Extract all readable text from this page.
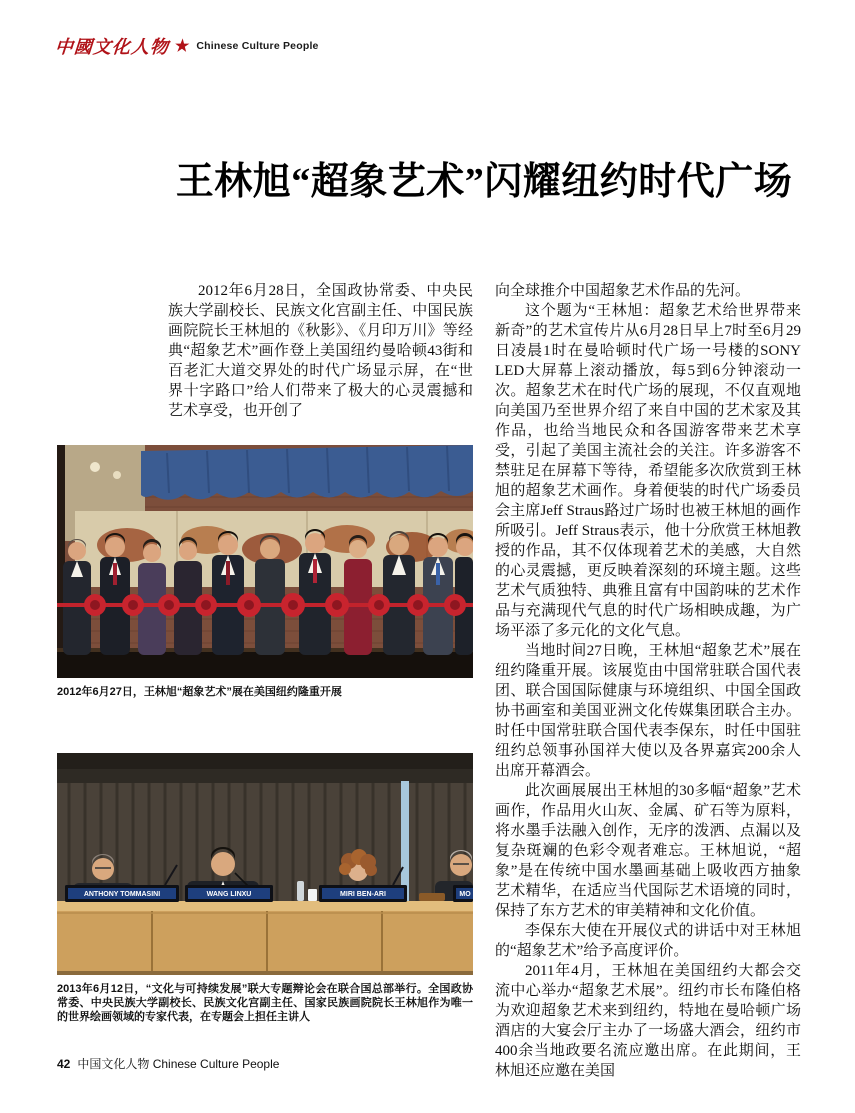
中國文化人物 ★ Chinese Culture People
王林旭“超象艺术”闪耀纽约时代广场

2012年6月28日，全国政协常委、中央民族大学副校长、民族文化宫副主任、中国民族画院院长王林旭的《秋影》、《月印万川》等经典“超象艺术”画作登上美国纽约曼哈顿43街和百老汇大道交界处的时代广场显示屏，在“世界十字路口”给人们带来了极大的心灵震撼和艺术享受，也开创了

2012年6月27日，王林旭“超象艺术”展在美国纽约隆重开展
ANTHONY TOMMASINI	WANG LINXU	MIRI BEN-ARI	MO
2013年6月12日，“文化与可持续发展”联大专题辩论会在联合国总部举行。全国政协常委、中央民族大学副校长、民族文化宫副主任、国家民族画院院长王林旭作为唯一的世界绘画领域的专家代表，在专题会上担任主讲人

向全球推介中国超象艺术作品的先河。

这个题为“王林旭：超象艺术给世界带来新奇”的艺术宣传片从6月28日早上7时至6月29日凌晨1时在曼哈顿时代广场一号楼的SONY LED大屏幕上滚动播放，每5到6分钟滚动一次。超象艺术在时代广场的展现，不仅直观地向美国乃至世界介绍了来自中国的艺术家及其作品，也给当地民众和各国游客带来艺术享受，引起了美国主流社会的关注。许多游客不禁驻足在屏幕下等待，希望能多次欣赏到王林旭的超象艺术画作。身着便装的时代广场委员会主席Jeff Straus路过广场时也被王林旭的画作所吸引。Jeff Straus表示，他十分欣赏王林旭教授的作品，其不仅体现着艺术的美感，大自然的心灵震撼，更反映着深刻的环境主题。这些艺术气质独特、典雅且富有中国韵味的艺术作品与充满现代气息的时代广场相映成趣，为广场平添了多元化的文化气息。

当地时间27日晚，王林旭“超象艺术”展在纽约隆重开展。该展览由中国常驻联合国代表团、联合国国际健康与环境组织、中国全国政协书画室和美国亚洲文化传媒集团联合主办。时任中国常驻联合国代表李保东，时任中国驻纽约总领事孙国祥大使以及各界嘉宾200余人出席开幕酒会。

此次画展展出王林旭的30多幅“超象”艺术画作，作品用火山灰、金属、矿石等为原料，将水墨手法融入创作，无序的泼洒、点漏以及复杂斑斓的色彩令观者难忘。王林旭说，“超象”是在传统中国水墨画基础上吸收西方抽象艺术精华，在适应当代国际艺术语境的同时，保持了东方艺术的审美精神和文化价值。

李保东大使在开展仪式的讲话中对王林旭的“超象艺术”给予高度评价。

2011年4月，王林旭在美国纽约大都会交流中心举办“超象艺术展”。纽约市长布隆伯格为欢迎超象艺术来到纽约，特地在曼哈顿广场酒店的大宴会厅主办了一场盛大酒会，纽约市400余当地政要名流应邀出席。在此期间，王林旭还应邀在美国

42 中国文化人物 Chinese Culture People
